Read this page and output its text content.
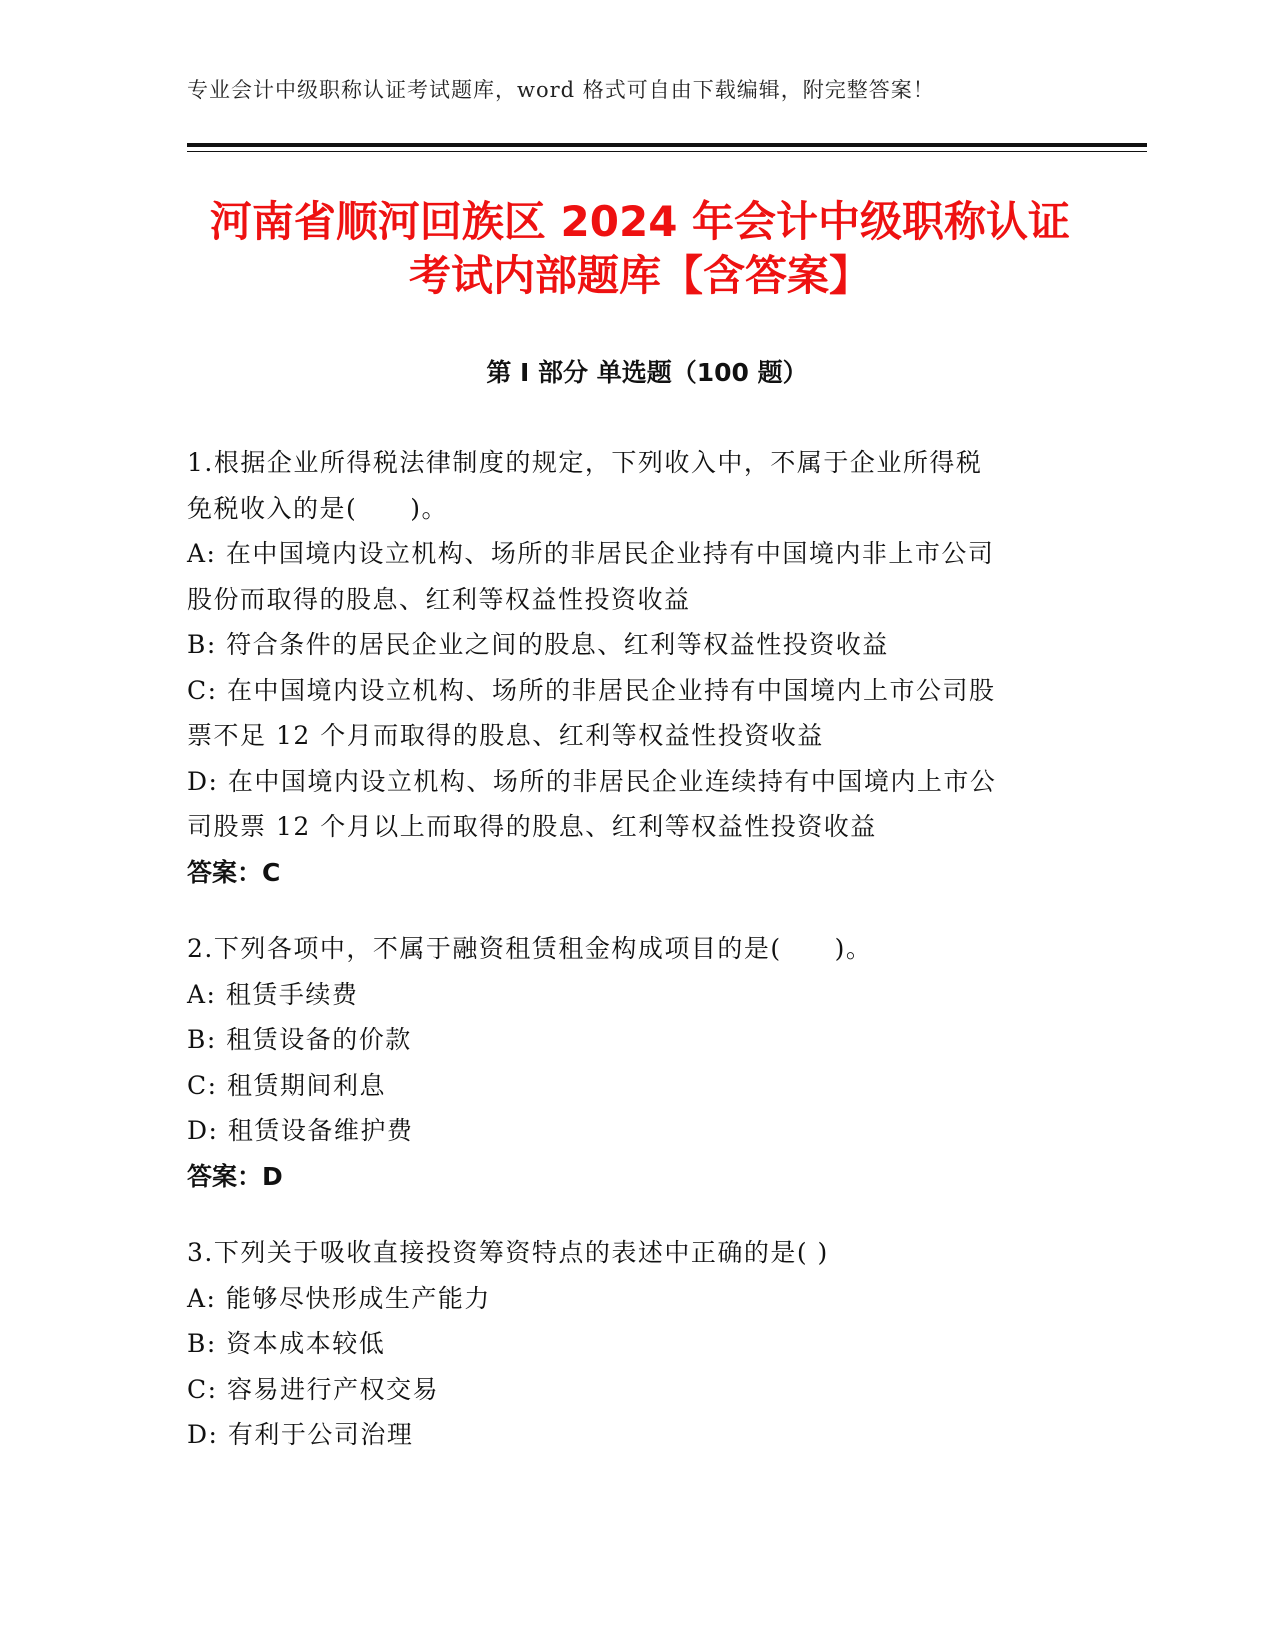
专业会计中级职称认证考试题库，word 格式可自由下载编辑，附完整答案！
河南省顺河回族区 2024 年会计中级职称认证
考试内部题库【含答案】
第 I 部分 单选题（100 题）
1.根据企业所得税法律制度的规定，下列收入中，不属于企业所得税
免税收入的是(　　)。
A: 在中国境内设立机构、场所的非居民企业持有中国境内非上市公司
股份而取得的股息、红利等权益性投资收益
B: 符合条件的居民企业之间的股息、红利等权益性投资收益
C: 在中国境内设立机构、场所的非居民企业持有中国境内上市公司股
票不足 12 个月而取得的股息、红利等权益性投资收益
D: 在中国境内设立机构、场所的非居民企业连续持有中国境内上市公
司股票 12 个月以上而取得的股息、红利等权益性投资收益
答案：C
2.下列各项中，不属于融资租赁租金构成项目的是(　　)。
A: 租赁手续费
B: 租赁设备的价款
C: 租赁期间利息
D: 租赁设备维护费
答案：D
3.下列关于吸收直接投资筹资特点的表述中正确的是( )
A: 能够尽快形成生产能力
B: 资本成本较低
C: 容易进行产权交易
D: 有利于公司治理
